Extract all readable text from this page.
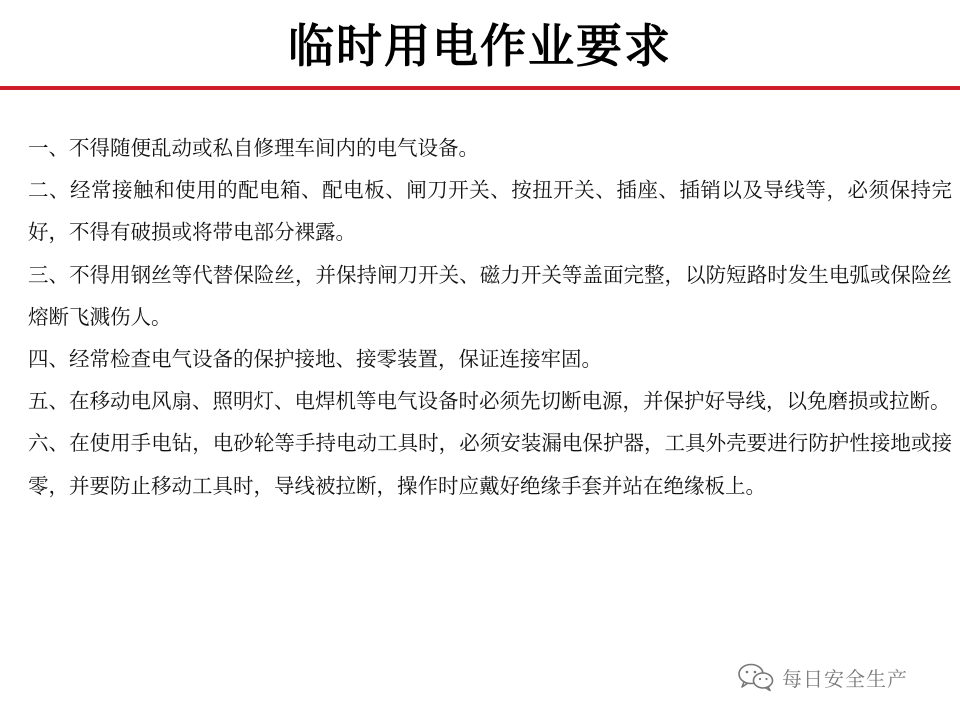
临时用电作业要求

一、不得随便乱动或私自修理车间内的电气设备。

二、经常接触和使用的配电箱、配电板、闸刀开关、按扭开关、插座、插销以及导线等，必须保持完好，不得有破损或将带电部分裸露。

三、不得用钢丝等代替保险丝，并保持闸刀开关、磁力开关等盖面完整，以防短路时发生电弧或保险丝熔断飞溅伤人。

四、经常检查电气设备的保护接地、接零装置，保证连接牢固。

五、在移动电风扇、照明灯、电焊机等电气设备时必须先切断电源，并保护好导线，以免磨损或拉断。

六、在使用手电钻，电砂轮等手持电动工具时，必须安装漏电保护器，工具外壳要进行防护性接地或接零，并要防止移动工具时，导线被拉断，操作时应戴好绝缘手套并站在绝缘板上。

每日安全生产
